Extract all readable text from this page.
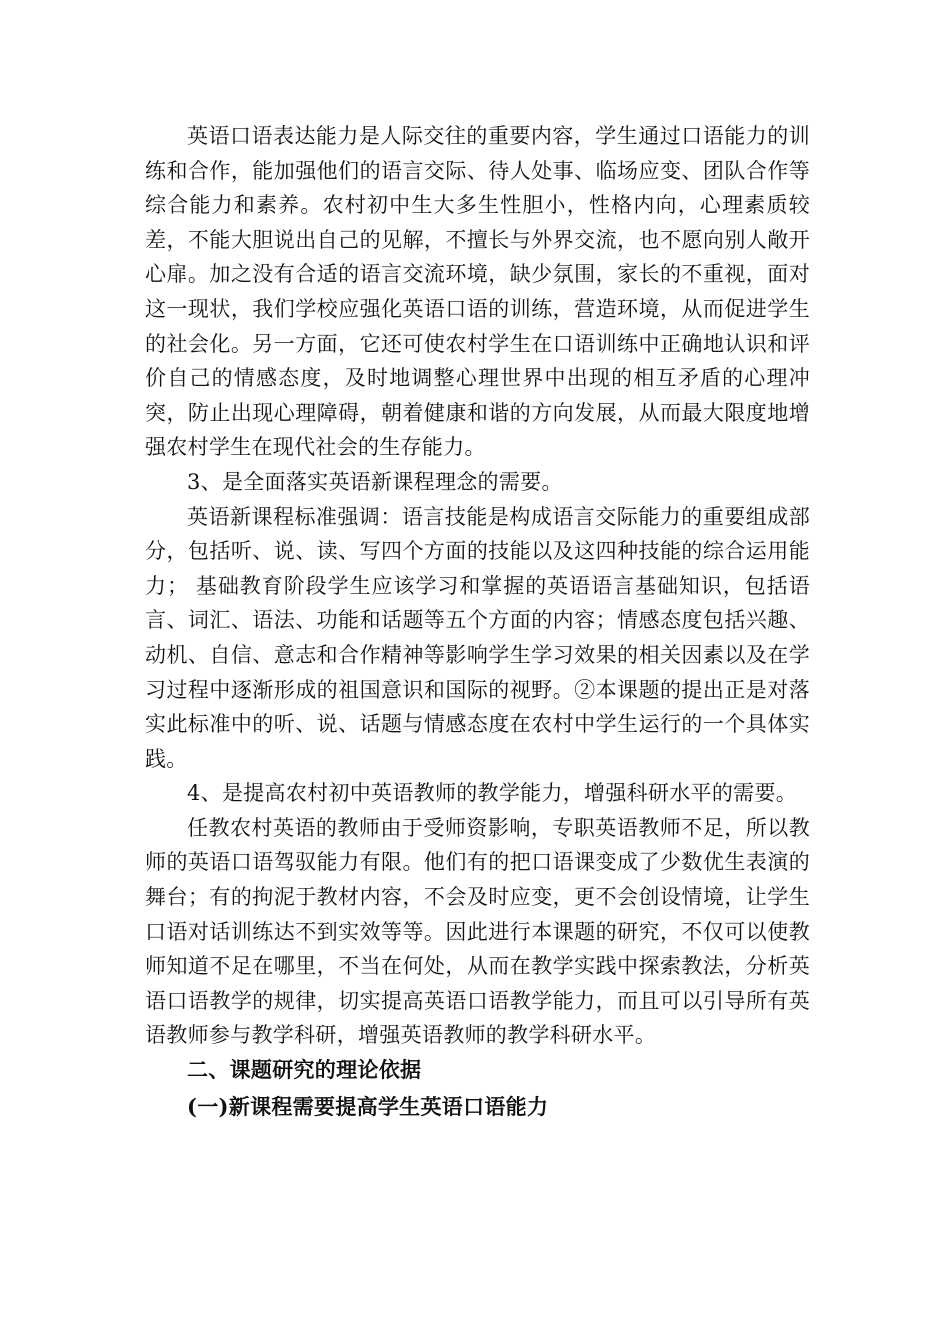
英语口语表达能力是人际交往的重要内容，学生通过口语能力的训练和合作，能加强他们的语言交际、待人处事、临场应变、团队合作等综合能力和素养。农村初中生大多生性胆小，性格内向，心理素质较差，不能大胆说出自己的见解，不擅长与外界交流，也不愿向别人敞开心扉。加之没有合适的语言交流环境，缺少氛围，家长的不重视，面对这一现状，我们学校应强化英语口语的训练，营造环境，从而促进学生的社会化。另一方面，它还可使农村学生在口语训练中正确地认识和评价自己的情感态度，及时地调整心理世界中出现的相互矛盾的心理冲突，防止出现心理障碍，朝着健康和谐的方向发展，从而最大限度地增强农村学生在现代社会的生存能力。

3、是全面落实英语新课程理念的需要。

英语新课程标准强调：语言技能是构成语言交际能力的重要组成部分，包括听、说、读、写四个方面的技能以及这四种技能的综合运用能力； 基础教育阶段学生应该学习和掌握的英语语言基础知识，包括语言、词汇、语法、功能和话题等五个方面的内容；情感态度包括兴趣、动机、自信、意志和合作精神等影响学生学习效果的相关因素以及在学习过程中逐渐形成的祖国意识和国际的视野。②本课题的提出正是对落实此标准中的听、说、话题与情感态度在农村中学生运行的一个具体实践。

4、是提高农村初中英语教师的教学能力，增强科研水平的需要。

任教农村英语的教师由于受师资影响，专职英语教师不足，所以教师的英语口语驾驭能力有限。他们有的把口语课变成了少数优生表演的舞台；有的拘泥于教材内容，不会及时应变，更不会创设情境，让学生口语对话训练达不到实效等等。因此进行本课题的研究，不仅可以使教师知道不足在哪里，不当在何处，从而在教学实践中探索教法，分析英语口语教学的规律，切实提高英语口语教学能力，而且可以引导所有英语教师参与教学科研，增强英语教师的教学科研水平。

二、课题研究的理论依据

(一)新课程需要提高学生英语口语能力
